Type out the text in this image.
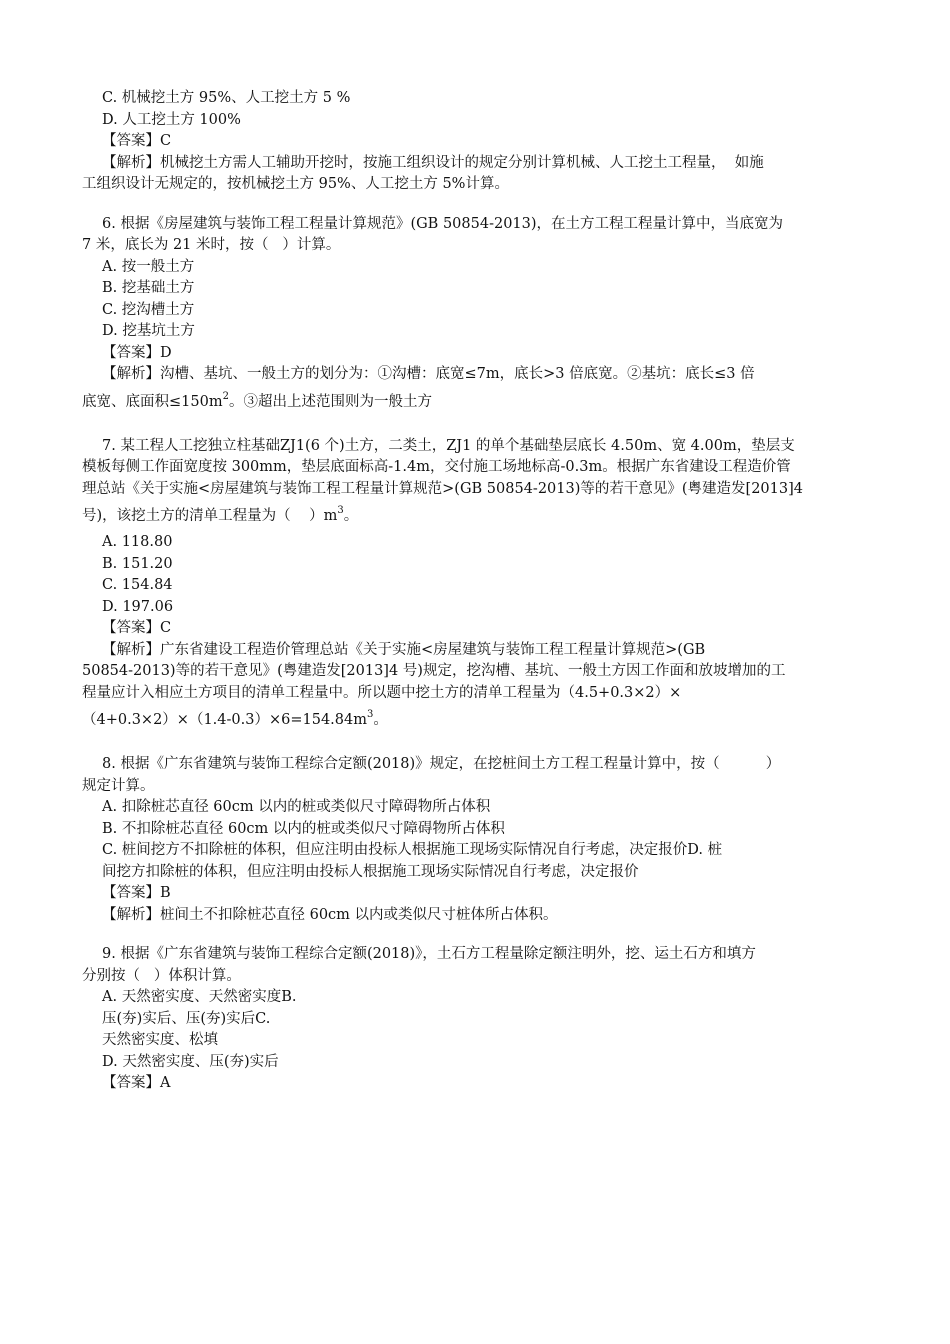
C. 机械挖土方 95%、人工挖土方 5 %
D. 人工挖土方 100%
【答案】C
【解析】机械挖土方需人工辅助开挖时，按施工组织设计的规定分别计算机械、人工挖土工程量，  如施
工组织设计无规定的，按机械挖土方 95%、人工挖土方 5%计算。
6. 根据《房屋建筑与装饰工程工程量计算规范》(GB 50854-2013)，在土方工程工程量计算中，当底宽为
7 米，底长为 21 米时，按（   ）计算。
A. 按一般土方
B. 挖基础土方
C. 挖沟槽土方
D. 挖基坑土方
【答案】D
【解析】沟槽、基坑、一般土方的划分为：①沟槽：底宽≤7m，底长>3 倍底宽。②基坑：底长≤3 倍
底宽、底面积$\le 150m^2$。③超出上述范围则为一般土方
7. 某工程人工挖独立柱基础ZJ1(6 个)土方，二类土，ZJ1 的单个基础垫层底长 4.50m、宽 4.00m，垫层支
模板每侧工作面宽度按 300mm，垫层底面标高-1.4m，交付施工场地标高-0.3m。根据广东省建设工程造价管
理总站《关于实施<房屋建筑与装饰工程工程量计算规范>(GB 50854-2013)等的若干意见》(粤建造发[2013]4
号)，该挖土方的清单工程量为（    ）$m^3$。
A. 118.80
B. 151.20
C. 154.84
D. 197.06
【答案】C
【解析】广东省建设工程造价管理总站《关于实施<房屋建筑与装饰工程工程量计算规范>(GB
50854-2013)等的若干意见》(粤建造发[2013]4 号)规定，挖沟槽、基坑、一般土方因工作面和放坡增加的工
程量应计入相应土方项目的清单工程量中。所以题中挖土方的清单工程量为（4.5+0.3×2）×
$(4+0.3\times 2)\times(1.4-0.3)\times 6=154.84m^3$。
8. 根据《广东省建筑与装饰工程综合定额(2018)》规定，在挖桩间土方工程工程量计算中，按（          ）
规定计算。
A. 扣除桩芯直径 60cm 以内的桩或类似尺寸障碍物所占体积
B. 不扣除桩芯直径 60cm 以内的桩或类似尺寸障碍物所占体积
C. 桩间挖方不扣除桩的体积，但应注明由投标人根据施工现场实际情况自行考虑，决定报价D. 桩
间挖方扣除桩的体积，但应注明由投标人根据施工现场实际情况自行考虑，决定报价
【答案】B
【解析】桩间土不扣除桩芯直径 60cm 以内或类似尺寸桩体所占体积。
9. 根据《广东省建筑与装饰工程综合定额(2018)》，土石方工程量除定额注明外，挖、运土石方和填方
分别按（   ）体积计算。
A. 天然密实度、天然密实度B.
压(夯)实后、压(夯)实后C.
天然密实度、松填
D. 天然密实度、压(夯)实后
【答案】A
